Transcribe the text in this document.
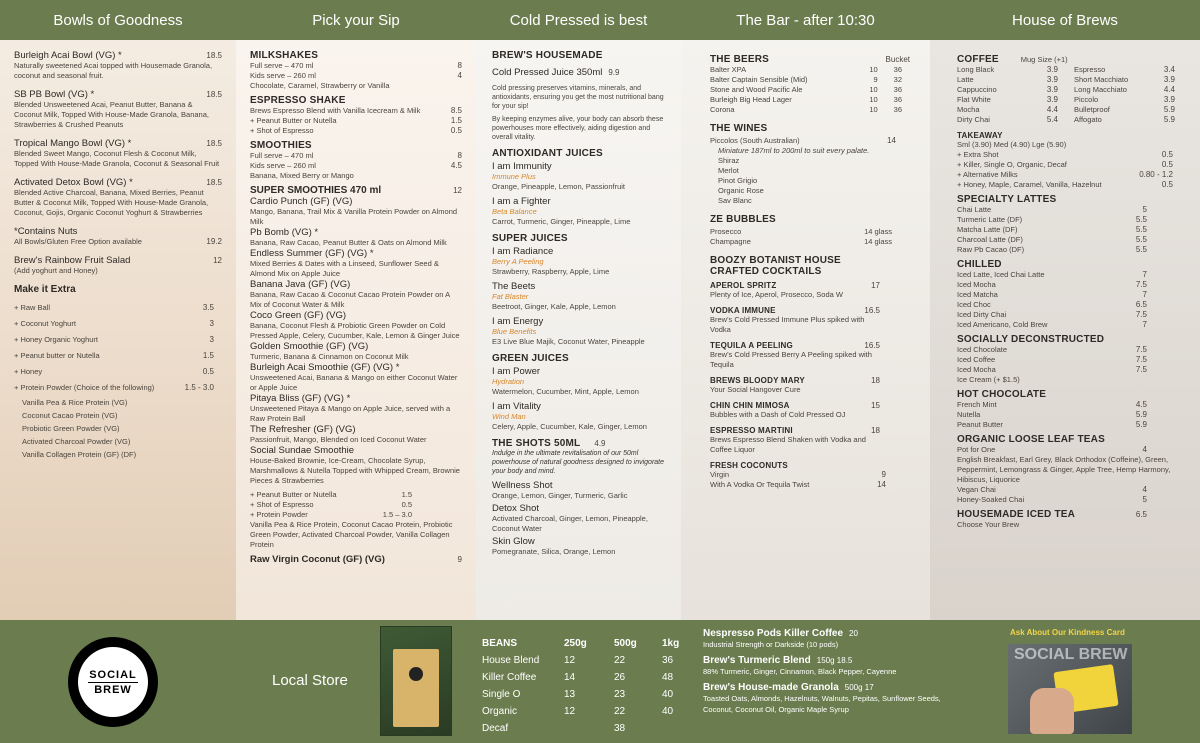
Bowls of Goodness	Pick your Sip	Cold Pressed is best	The Bar - after 10:30	House of Brews
Burleigh Acai Bowl (VG) *	18.5
Naturally sweetened Acai topped with Housemade Granola, coconut and seasonal fruit.
SB PB Bowl (VG) *	18.5
Blended Unsweetened Acai, Peanut Butter, Banana & Coconut Milk, Topped With House-Made Granola, Banana, Strawberries & Crushed Peanuts
Tropical Mango Bowl (VG) *	18.5
Blended Sweet Mango, Coconut Flesh & Coconut Milk, Topped With House-Made Granola, Coconut & Seasonal Fruit
Activated Detox Bowl (VG) *	18.5
Blended Active Charcoal, Banana, Mixed Berries, Peanut Butter & Coconut Milk, Topped With House-Made Granola, Coconut, Gojis, Organic Coconut Yoghurt & Strawberries
*Contains Nuts
All Bowls/Gluten Free Option available	19.2
Brew's Rainbow Fruit Salad	12
(Add yoghurt and Honey)
Make it Extra
+ Raw Ball	3.5
+ Coconut Yoghurt	3
+ Honey Organic Yoghurt	3
+ Peanut butter or Nutella	1.5
+ Honey	0.5
+ Protein Powder (Choice of the following)	1.5 - 3.0
Vanilla Pea & Rice Protein (VG)
Coconut Cacao Protein (VG)
Probiotic Green Powder (VG)
Activated Charcoal Powder (VG)
Vanilla Collagen Protein (GF) (DF)
MILKSHAKES
Full serve – 470 ml	8
Kids serve – 260 ml	4
Chocolate, Caramel, Strawberry or Vanilla
ESPRESSO SHAKE
Brews Espresso Blend with Vanilla Icecream & Milk	8.5
+ Peanut Butter or Nutella	1.5
+ Shot of Espresso	0.5
SMOOTHIES
Full serve – 470 ml	8
Kids serve – 260 ml	4.5
Banana, Mixed Berry or Mango
SUPER SMOOTHIES 470 ml	12
Cardio Punch (GF) (VG)
Mango, Banana, Trail Mix & Vanilla Protein Powder on Almond Milk
Pb Bomb (VG) *
Banana, Raw Cacao, Peanut Butter & Oats on Almond Milk
Endless Summer (GF) (VG) *
Mixed Berries & Dates with a Linseed, Sunflower Seed & Almond Mix on Apple Juice
Banana Java (GF) (VG)
Banana, Raw Cacao & Coconut Cacao Protein Powder on A Mix of Coconut Water & Milk
Coco Green (GF) (VG)
Banana, Coconut Flesh & Probiotic Green Powder on Cold Pressed Apple, Celery, Cucumber, Kale, Lemon & Ginger Juice
Golden Smoothie (GF) (VG)
Turmeric, Banana & Cinnamon on Coconut Milk
Burleigh Acai Smoothie (GF) (VG) *
Unsweetened Acai, Banana & Mango on either Coconut Water or Apple Juice
Pitaya Bliss (GF) (VG) *
Unsweetened Pitaya & Mango on Apple Juice, served with a Raw Protein Ball
The Refresher (GF) (VG)
Passionfruit, Mango, Blended on Iced Coconut Water
Social Sundae Smoothie
House-Baked Brownie, Ice-Cream, Chocolate Syrup, Marshmallows & Nutella Topped with Whipped Cream, Brownie Pieces & Strawberries
+ Peanut Butter or Nutella	1.5
+ Shot of Espresso	0.5
+ Protein Powder	1.5 – 3.0
Vanilla Pea & Rice Protein, Coconut Cacao Protein, Probiotic Green Powder, Activated Charcoal Powder, Vanilla Collagen Protein
Raw Virgin Coconut (GF) (VG)	9
BREW'S HOUSEMADE
Cold Pressed Juice 350ml 9.9
Cold pressing preserves vitamins, minerals, and antioxidants, ensuring you get the most nutritional bang for your sip!
By keeping enzymes alive, your body can absorb these powerhouses more effectively, aiding digestion and overall vitality.
ANTIOXIDANT JUICES
I am Immunity
Immune Plus
Orange, Pineapple, Lemon, Passionfruit
I am a Fighter
Beta Balance
Carrot, Turmeric, Ginger, Pineapple, Lime
SUPER JUICES
I am Radiance
Berry A Peeling
Strawberry, Raspberry, Apple, Lime
The Beets
Fat Blaster
Beetroot, Ginger, Kale, Apple, Lemon
I am Energy
Blue Benefits
E3 Live Blue Majik, Coconut Water, Pineapple
GREEN JUICES
I am Power
Hydration
Watermelon, Cucumber, Mint, Apple, Lemon
I am Vitality
Wind Man
Celery, Apple, Cucumber, Kale, Ginger, Lemon
THE SHOTS 50ML 4.9
Indulge in the ultimate revitalisation of our 50ml powerhouse of natural goodness designed to invigorate your body and mind.
Wellness Shot
Orange, Lemon, Ginger, Turmeric, Garlic
Detox Shot
Activated Charcoal, Ginger, Lemon, Pineapple, Coconut Water
Skin Glow
Pomegranate, Silica, Orange, Lemon
THE BEERS	Bucket
Balter XPA	10 36
Balter Captain Sensible (Mid)	9 32
Stone and Wood Pacific Ale	10 36
Burleigh Big Head Lager	10 36
Corona	10 36
THE WINES
Piccolos (South Australian)	14
Miniature 187ml to 200ml to suit every palate.
Shiraz
Merlot
Pinot Grigio
Organic Rose
Sav Blanc
ZE BUBBLES
Prosecco	14 glass
Champagne	14 glass
BOOZY BOTANIST HOUSE CRAFTED COCKTAILS
APEROL SPRITZ	17
Plenty of Ice, Aperol, Prosecco, Soda W
VODKA IMMUNE	16.5
Brew's Cold Pressed Immune Plus spiked with Vodka
TEQUILA A PEELING	16.5
Brew's Cold Pressed Berry A Peeling spiked with Tequila
BREWS BLOODY MARY	18
Your Social Hangover Cure
CHIN CHIN MIMOSA	15
Bubbles with a Dash of Cold Pressed OJ
ESPRESSO MARTINI	18
Brews Espresso Blend Shaken with Vodka and Coffee Liquor
FRESH COCONUTS
Virgin	9
With A Vodka Or Tequila Twist	14
COFFEE	Mug Size (+1)
Long Black	3.9
Latte	3.9
Cappuccino	3.9
Flat White	3.9
Mocha	4.4
Dirty Chai	5.4
Espresso	3.4
Short Macchiato	3.9
Long Macchiato	4.4
Piccolo	3.9
Bulletproof	5.9
Affogato	5.9
TAKEAWAY
Sml (3.90) Med (4.90) Lge (5.90)
+ Extra Shot	0.5
+ Killer, Single O, Organic, Decaf	0.5
+ Alternative Milks	0.80 - 1.2
+ Honey, Maple, Caramel, Vanilla, Hazelnut	0.5
SPECIALTY LATTES
Chai Latte	5
Turmeric Latte (DF)	5.5
Matcha Latte (DF)	5.5
Charcoal Latte (DF)	5.5
Raw Pb Cacao (DF)	5.5
CHILLED
Iced Latte, Iced Chai Latte	7
Iced Mocha	7.5
Iced Matcha	7
Iced Choc	6.5
Iced Dirty Chai	7.5
Iced Americano, Cold Brew	7
SOCIALLY DECONSTRUCTED
Iced Chocolate	7.5
Iced Coffee	7.5
Iced Mocha	7.5
Ice Cream (+ $1.5)
HOT CHOCOLATE
French Mint	4.5
Nutella	5.9
Peanut Butter	5.9
ORGANIC LOOSE LEAF TEAS
Pot for One	4
English Breakfast, Earl Grey, Black Orthodox (Coffeine), Green, Peppermint, Lemongrass & Ginger, Apple Tree, Hemp Harmony, Hibiscus, Liquorice
Vegan Chai	4
Honey-Soaked Chai	5
HOUSEMADE ICED TEA	6.5
Choose Your Brew
SOCIAL
BREW
Local Store
BEANS	250g	500g	1kg
House Blend	12	22	36
Killer Coffee	14	26	48
Single O	13	23	40
Organic	12	22	40
Decaf		38	
Nespresso Pods Killer Coffee 20
Industrial Strength or Darkside (10 pods)
Brew's Turmeric Blend 150g 18.5
88% Turmeric, Ginger, Cinnamon, Black Pepper, Cayenne
Brew's House-made Granola 500g 17
Toasted Oats, Almonds, Hazelnuts, Walnuts, Pepitas, Sunflower Seeds, Coconut, Coconut Oil, Organic Maple Syrup
Ask About Our Kindness Card
SOCIAL BREW
